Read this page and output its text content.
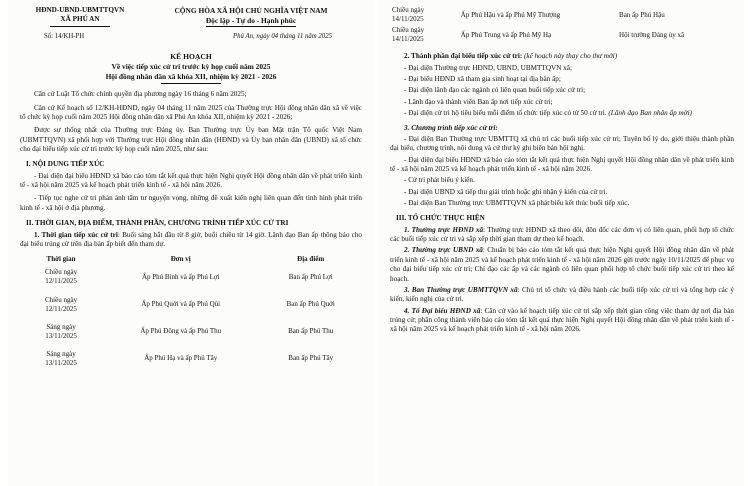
HĐND-UBND-UBMTTQVN
XÃ PHÚ AN
CỘNG HÒA XÃ HỘI CHỦ NGHĨA VIỆT NAM
Độc lập - Tự do - Hạnh phúc
Số: 14/KH-PH	Phú An, ngày 04 tháng 11 năm 2025
KẾ HOẠCH
Về việc tiếp xúc cử tri trước kỳ họp cuối năm 2025
Hội đồng nhân dân xã khóa XII, nhiệm kỳ 2021 - 2026

Căn cứ Luật Tổ chức chính quyền địa phương ngày 16 tháng 6 năm 2025;

Căn cứ Kế hoạch số 12/KH-HĐND, ngày 04 tháng 11 năm 2025 của Thường trực Hội đồng nhân dân xã về việc tổ chức kỳ họp cuối năm 2025 Hội đồng nhân dân xã Phú An khóa XII, nhiệm kỳ 2021 - 2026;

Được sự thống nhất của Thường trực Đảng ủy. Ban Thường trực Ủy ban Mặt trận Tổ quốc Việt Nam (UBMTTQVN) xã phối hợp với Thường trực Hội đồng nhân dân (HĐND) và Ủy ban nhân dân (UBND) xã tổ chức cho đại biểu tiếp xúc cử tri trước kỳ họp cuối năm 2025, như sau:

I. NỘI DUNG TIẾP XÚC

- Đại diện đại biểu HĐND xã báo cáo tóm tắt kết quả thực hiện Nghị quyết Hội đồng nhân dân về phát triển kinh tế - xã hội năm 2025 và kế hoạch phát triển kinh tế - xã hội năm 2026.

- Tiếp tục nghe cử tri phản ánh tâm tư nguyện vọng, những đề xuất kiến nghị liên quan đến tình hình phát triển kinh tế - xã hội ở địa phương.

II. THỜI GIAN, ĐỊA ĐIỂM, THÀNH PHẦN, CHƯƠNG TRÌNH TIẾP XÚC CỬ TRI

1. Thời gian tiếp xúc cử tri: Buổi sáng bắt đầu từ 8 giờ, buổi chiều từ 14 giờ. Lãnh đạo Ban ấp thông báo cho đại biểu trúng cử trên địa bàn ấp biết đến tham dự.

Thời gian	Đơn vị	Địa điểm

Chiều ngày
12/11/2025	Ấp Phú Bình và ấp Phú Lợi	Ban ấp Phú Lợi

Chiều ngày
12/11/2025	Ấp Phú Quới và ấp Phú Qùi	Ban ấp Phú Quới

Sáng ngày
13/11/2025	Ấp Phú Đông và ấp Phú Thu	Ban ấp Phú Thu

Sáng ngày
13/11/2025	Ấp Phú Hạ và ấp Phú Tây	Ban ấp Phú Tây
Chiều ngày
14/11/2025	Ấp Phú Hậu và ấp Phú Mỹ Thượng	Ban ấp Phú Hậu

Chiều ngày
14/11/2025	Ấp Phú Trung và ấp Phú Mỹ Hạ	Hội trường Đảng ủy xã

2. Thành phần đại biểu tiếp xúc cử tri: (kế hoạch này thay cho thư mời)

- Đại diện Thường trực HĐND, UBND, UBMTTQVN xã;

- Đại biểu HĐND xã tham gia sinh hoạt tại địa bàn ấp;

- Đại diện lãnh đạo các ngành có liên quan buổi tiếp xúc cử tri;

- Lãnh đạo và thành viên Ban ấp nơi tiếp xúc cử tri;

- Đại diện cử tri hộ tiêu biểu mỗi điểm tổ chức tiếp xúc có từ 50 cử tri. (Lãnh đạo Ban nhân ấp mời)

3. Chương trình tiếp xúc cử tri:

- Đại diện Ban Thường trực UBMTTQ xã chủ trì các buổi tiếp xúc cử tri; Tuyên bố lý do, giới thiệu thành phần đại biểu, chương trình, nội dung và cử thư ký ghi biên bản hội nghị.

- Đại diện đại biểu HĐND xã báo cáo tóm tắt kết quả thực hiện Nghị quyết Hội đồng nhân dân về phát triển kinh tế - xã hội năm 2025 và kế hoạch phát triển kinh tế - xã hội năm 2026.

- Cử tri phát biểu ý kiến.

- Đại diện UBND xã tiếp thu giải trình hoặc ghi nhận ý kiến của cử tri.

- Đại diện Ban Thường trực UBMTTQVN xã phát biểu kết thúc buổi tiếp xúc.

III. TỔ CHỨC THỰC HIỆN

1. Thường trực HĐND xã: Thường trực HĐND xã theo dõi, đôn đốc các đơn vị có liên quan, phối hợp tổ chức các buổi tiếp xúc cử tri và sắp xếp thời gian tham dự theo kế hoạch.

2. Thường trực UBND xã: Chuẩn bị báo cáo tóm tắt kết quả thực hiện Nghị quyết Hội đồng nhân dân về phát triển kinh tế - xã hội năm 2025 và kế hoạch phát triển kinh tế - xã hội năm 2026 gửi trước ngày 10/11/2025 để phục vụ cho đại biểu tiếp xúc cử tri; Chỉ đạo các ấp và các ngành có liên quan phối hợp tổ chức buổi tiếp xúc cử tri theo kế hoạch.

3. Ban Thường trực UBMTTQVN xã: Chủ trì tổ chức và điều hành các buổi tiếp xúc cử tri và tổng hợp các ý kiến, kiến nghị của cử tri.

4. Tổ Đại biểu HĐND xã: Căn cứ vào kế hoạch tiếp xúc cử tri sắp xếp thời gian công việc tham dự nơi địa bàn trúng cử; phân công thành viên báo cáo tóm tắt kết quả thực hiện Nghị quyết Hội đồng nhân dân về phát triển kinh tế - xã hội năm 2025 và kế hoạch phát triển kinh tế - xã hội năm 2026.
